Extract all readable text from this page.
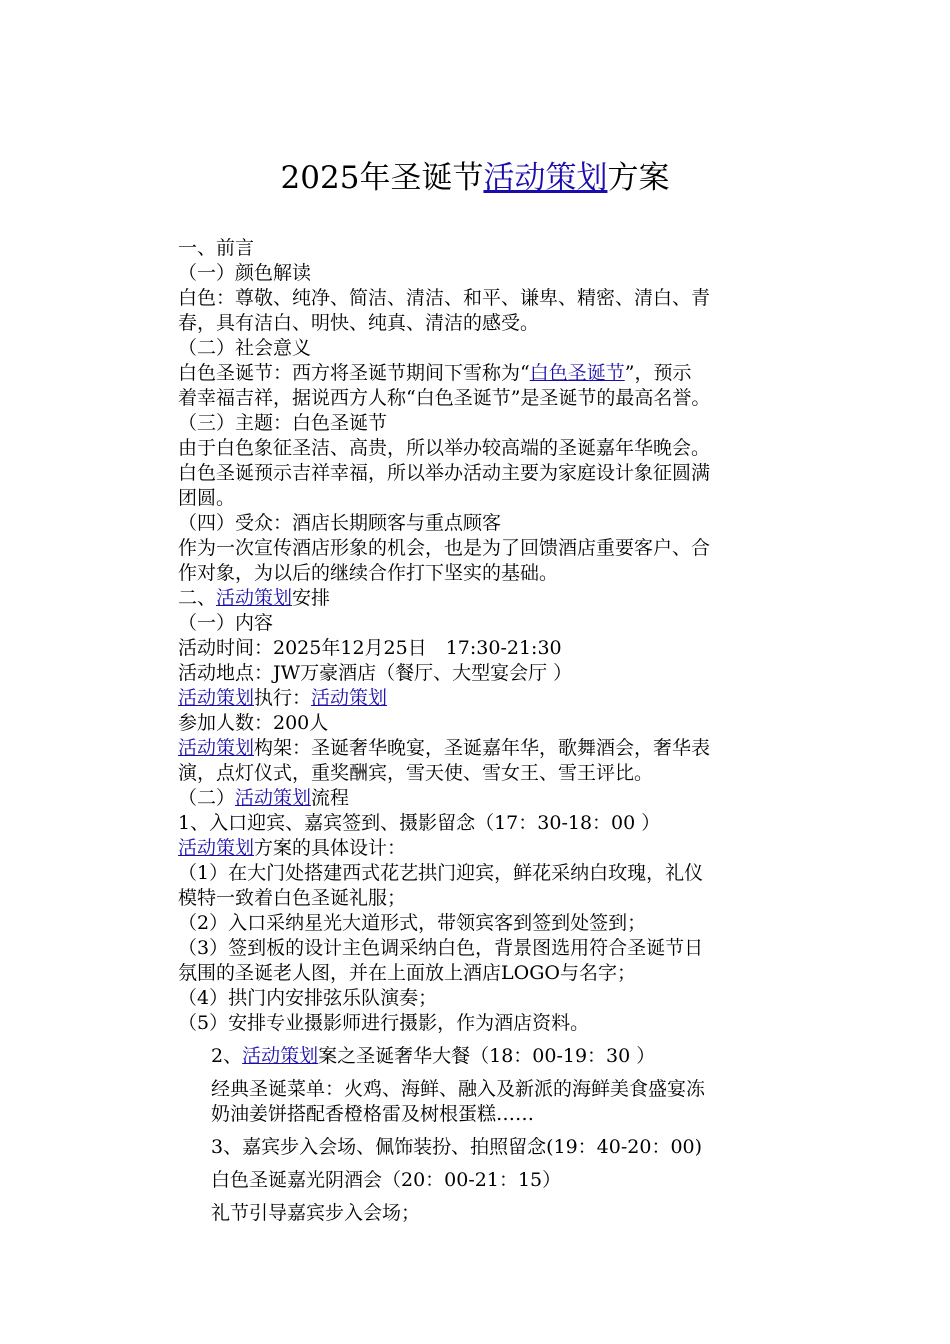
2025年圣诞节活动策划方案

一、前言

（一）颜色解读

白色：尊敬、纯净、简洁、清洁、和平、谦卑、精密、清白、青

春，具有洁白、明快、纯真、清洁的感受。

（二）社会意义

白色圣诞节：西方将圣诞节期间下雪称为“白色圣诞节”，预示

着幸福吉祥，据说西方人称“白色圣诞节”是圣诞节的最高名誉。

（三）主题：白色圣诞节

由于白色象征圣洁、高贵，所以举办较高端的圣诞嘉年华晚会。

白色圣诞预示吉祥幸福，所以举办活动主要为家庭设计象征圆满

团圆。

（四）受众：酒店长期顾客与重点顾客

作为一次宣传酒店形象的机会，也是为了回馈酒店重要客户、合

作对象，为以后的继续合作打下坚实的基础。

二、活动策划安排

（一）内容

活动时间：2025年12月25日　17:30-21:30

活动地点：JW万豪酒店（餐厅、大型宴会厅 ）

活动策划执行：活动策划

参加人数：200人

活动策划构架：圣诞奢华晚宴，圣诞嘉年华，歌舞酒会，奢华表

演，点灯仪式，重奖酬宾，雪天使、雪女王、雪王评比。

（二）活动策划流程

1、入口迎宾、嘉宾签到、摄影留念（17：30-18：00 ）

活动策划方案的具体设计：

（1）在大门处搭建西式花艺拱门迎宾，鲜花采纳白玫瑰，礼仪

模特一致着白色圣诞礼服；

（2）入口采纳星光大道形式，带领宾客到签到处签到；

（3）签到板的设计主色调采纳白色，背景图选用符合圣诞节日

氛围的圣诞老人图，并在上面放上酒店LOGO与名字；

（4）拱门内安排弦乐队演奏；

（5）安排专业摄影师进行摄影，作为酒店资料。

2、活动策划案之圣诞奢华大餐（18：00-19：30 ）

经典圣诞菜单：火鸡、海鲜、融入及新派的海鲜美食盛宴冻

奶油姜饼搭配香橙格雷及树根蛋糕……

3、嘉宾步入会场、佩饰装扮、拍照留念(19：40-20：00)

白色圣诞嘉光阴酒会（20：00-21：15）

礼节引导嘉宾步入会场；
